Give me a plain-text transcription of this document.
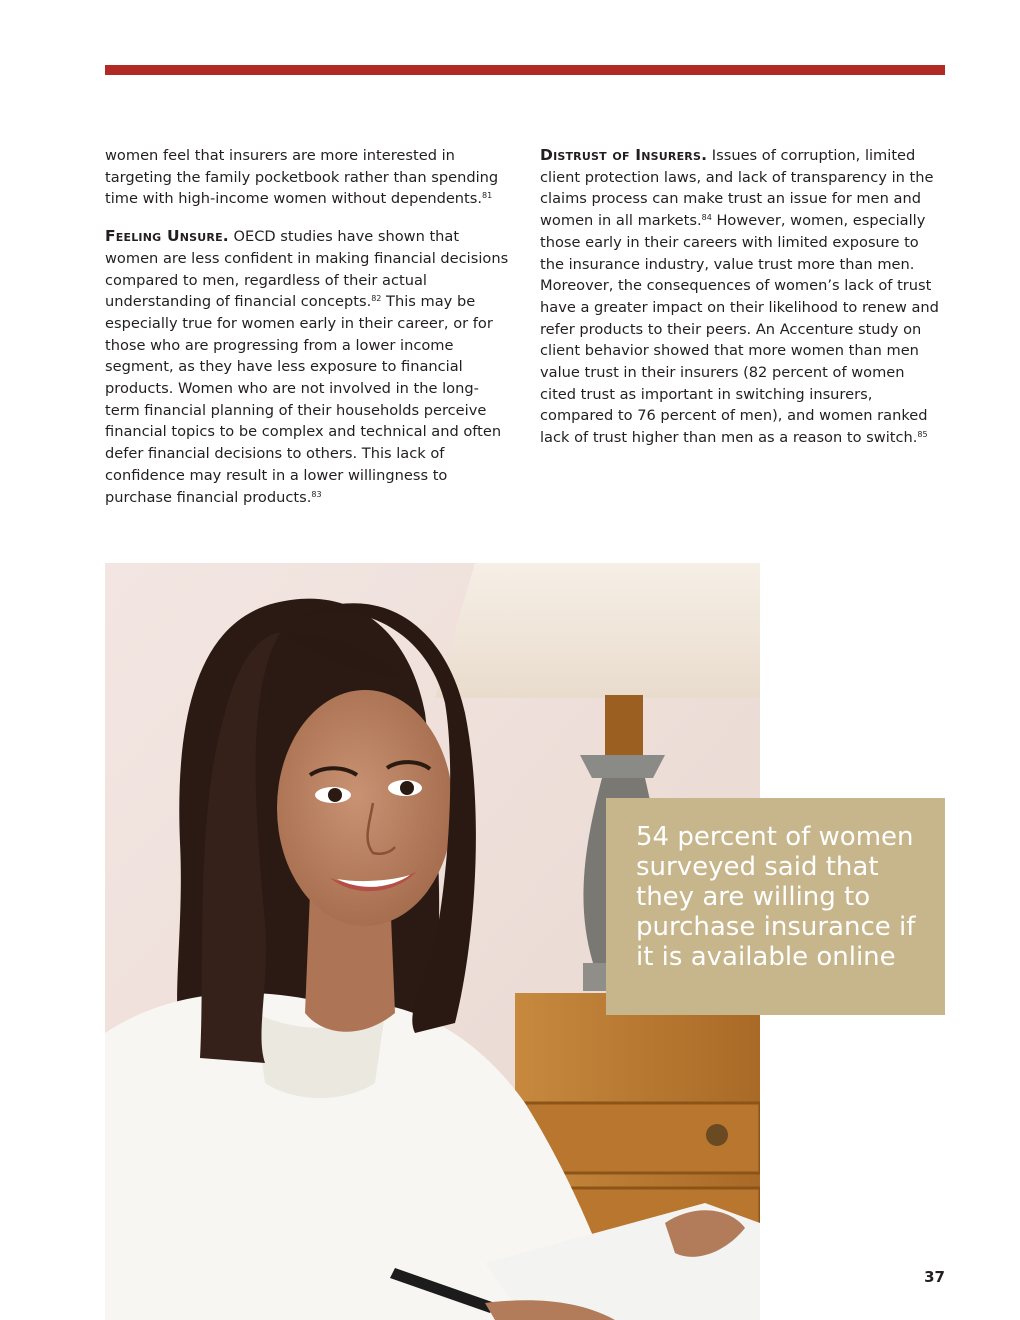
women feel that insurers are more interested in targeting the family pocketbook rather than spending time with high-income women without dependents.$^{81}$

Feeling Unsure. OECD studies have shown that women are less confident in making financial decisions compared to men, regardless of their actual understanding of financial concepts.$^{82}$ This may be especially true for women early in their career, or for those who are progressing from a lower income segment, as they have less exposure to financial products. Women who are not involved in the long-term financial planning of their households perceive financial topics to be complex and technical and often defer financial decisions to others. This lack of confidence may result in a lower willingness to purchase financial products.$^{83}$

Distrust of Insurers. Issues of corruption, limited client protection laws, and lack of transparency in the claims process can make trust an issue for men and women in all markets.$^{84}$ However, women, especially those early in their careers with limited exposure to the insurance industry, value trust more than men. Moreover, the consequences of women’s lack of trust have a greater impact on their likelihood to renew and refer products to their peers. An Accenture study on client behavior showed that more women than men value trust in their insurers (82 percent of women cited trust as important in switching insurers, compared to 76 percent of men), and women ranked lack of trust higher than men as a reason to switch.$^{85}$

54 percent of women surveyed said that they are willing to purchase insurance if it is available online
37
